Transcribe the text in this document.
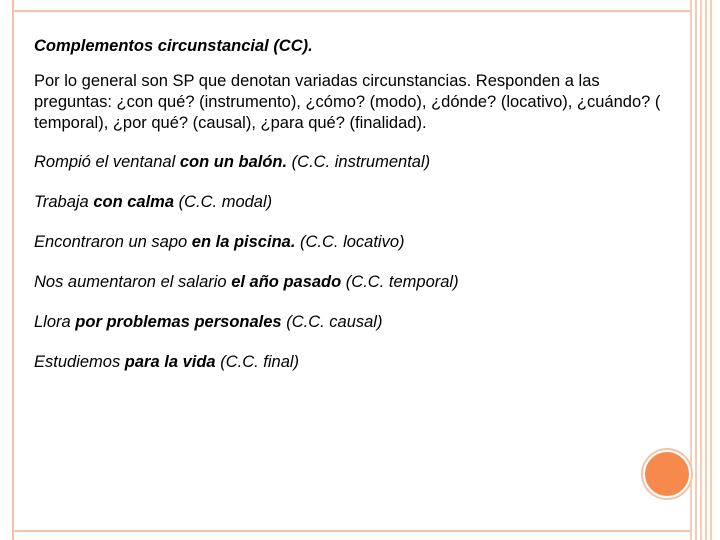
Complementos circunstancial (CC).

Por lo general son SP que denotan variadas circunstancias. Responden a las preguntas: ¿con qué? (instrumento), ¿cómo? (modo), ¿dónde? (locativo), ¿cuándo? ( temporal), ¿por qué? (causal), ¿para qué? (finalidad).

Rompió el ventanal con un balón. (C.C. instrumental)

Trabaja con calma (C.C. modal)

Encontraron un sapo en la piscina. (C.C. locativo)

Nos aumentaron el salario el año pasado (C.C. temporal)

Llora por problemas personales (C.C. causal)

Estudiemos para la vida (C.C. final)
